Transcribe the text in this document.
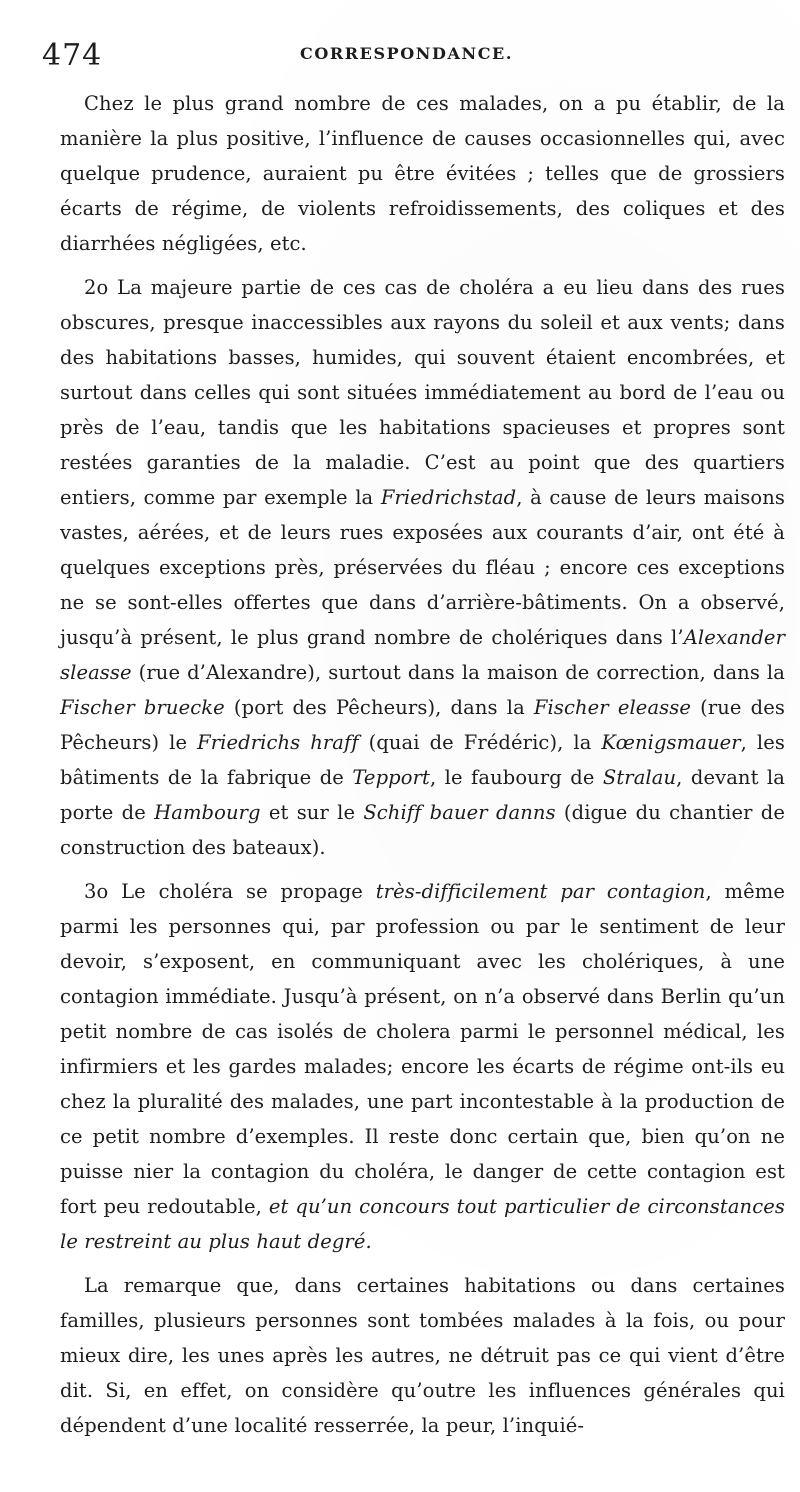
474	CORRESPONDANCE.

Chez le plus grand nombre de ces malades, on a pu établir, de la manière la plus positive, l’influence de causes occasionnelles qui, avec quelque prudence, auraient pu être évitées ; telles que de grossiers écarts de régime, de violents refroidissements, des coliques et des diarrhées négligées, etc.

2o La majeure partie de ces cas de choléra a eu lieu dans des rues obscures, presque inaccessibles aux rayons du soleil et aux vents; dans des habitations basses, humides, qui souvent étaient encombrées, et surtout dans celles qui sont situées immédiatement au bord de l’eau ou près de l’eau, tandis que les habitations spacieuses et propres sont restées garanties de la maladie. C’est au point que des quartiers entiers, comme par exemple la Friedrichstad, à cause de leurs maisons vastes, aérées, et de leurs rues exposées aux courants d’air, ont été à quelques exceptions près, préservées du fléau ; encore ces exceptions ne se sont-elles offertes que dans d’arrière-bâtiments. On a observé, jusqu’à présent, le plus grand nombre de cholériques dans l’Alexander sleasse (rue d’Alexandre), surtout dans la maison de correction, dans la Fischer bruecke (port des Pêcheurs), dans la Fischer eleasse (rue des Pêcheurs) le Friedrichs hraff (quai de Frédéric), la Kœnigsmauer, les bâtiments de la fabrique de Tepport, le faubourg de Stralau, devant la porte de Hambourg et sur le Schiff bauer danns (digue du chantier de construction des bateaux).

3o Le choléra se propage très-difficilement par contagion, même parmi les personnes qui, par profession ou par le sentiment de leur devoir, s’exposent, en communiquant avec les cholériques, à une contagion immédiate. Jusqu’à présent, on n’a observé dans Berlin qu’un petit nombre de cas isolés de cholera parmi le personnel médical, les infirmiers et les gardes malades; encore les écarts de régime ont-ils eu chez la pluralité des malades, une part incontestable à la production de ce petit nombre d’exemples. Il reste donc certain que, bien qu’on ne puisse nier la contagion du choléra, le danger de cette contagion est fort peu redoutable, et qu’un concours tout particulier de circonstances le restreint au plus haut degré.

La remarque que, dans certaines habitations ou dans certaines familles, plusieurs personnes sont tombées malades à la fois, ou pour mieux dire, les unes après les autres, ne détruit pas ce qui vient d’être dit. Si, en effet, on considère qu’outre les influences générales qui dépendent d’une localité resserrée, la peur, l’inquié-
